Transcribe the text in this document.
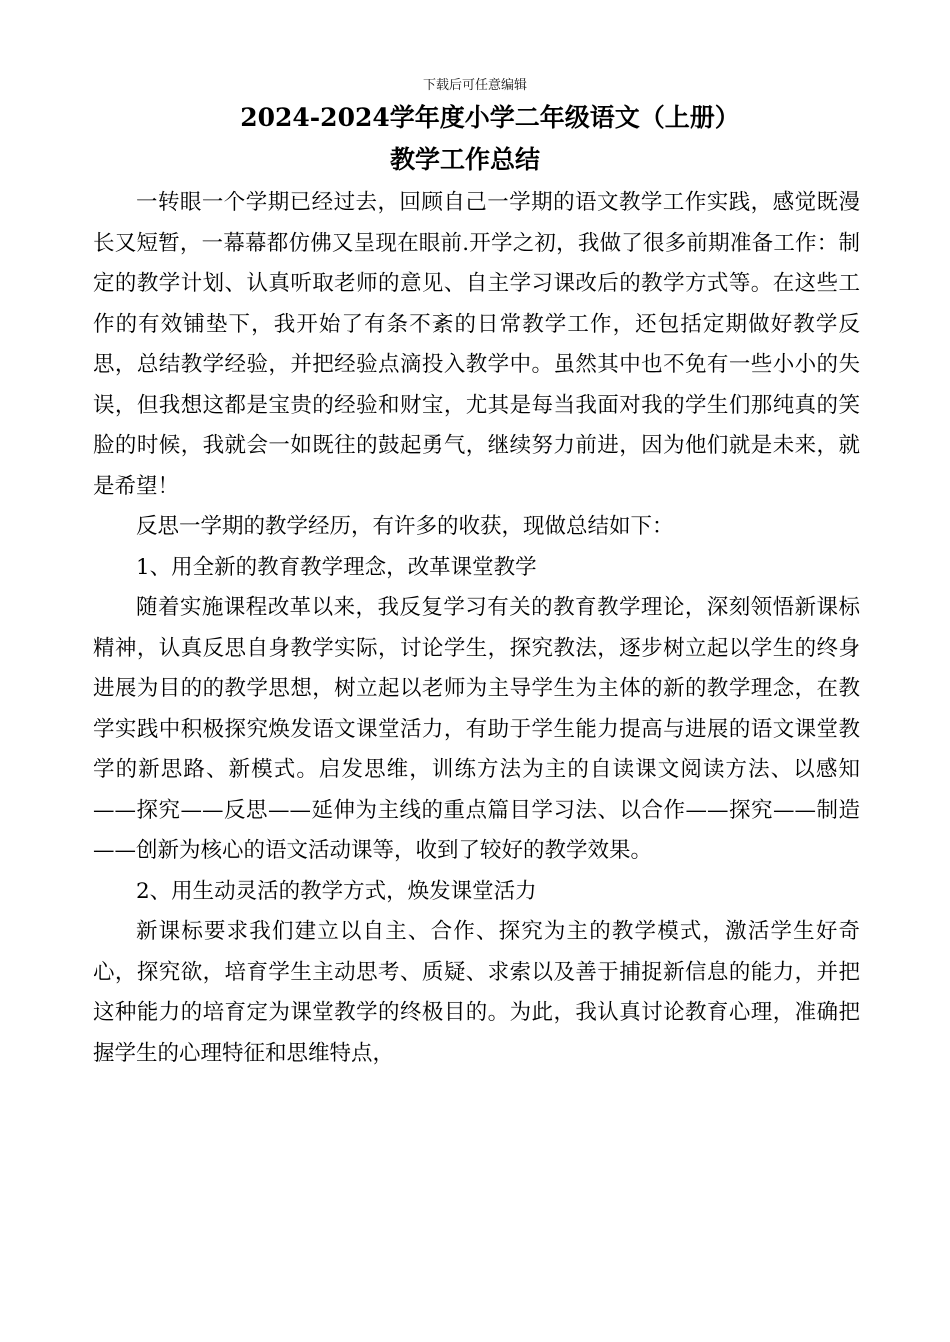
下载后可任意编辑
2024-2024学年度小学二年级语文（上册）
教学工作总结

一转眼一个学期已经过去，回顾自己一学期的语文教学工作实践，感觉既漫长又短暂，一幕幕都仿佛又呈现在眼前.开学之初，我做了很多前期准备工作：制定的教学计划、认真听取老师的意见、自主学习课改后的教学方式等。在这些工作的有效铺垫下，我开始了有条不紊的日常教学工作，还包括定期做好教学反思，总结教学经验，并把经验点滴投入教学中。虽然其中也不免有一些小小的失误，但我想这都是宝贵的经验和财宝，尤其是每当我面对我的学生们那纯真的笑脸的时候，我就会一如既往的鼓起勇气，继续努力前进，因为他们就是未来，就是希望！

反思一学期的教学经历，有许多的收获，现做总结如下：

1、用全新的教育教学理念，改革课堂教学

随着实施课程改革以来，我反复学习有关的教育教学理论，深刻领悟新课标精神，认真反思自身教学实际，讨论学生，探究教法，逐步树立起以学生的终身进展为目的的教学思想，树立起以老师为主导学生为主体的新的教学理念，在教学实践中积极探究焕发语文课堂活力，有助于学生能力提高与进展的语文课堂教学的新思路、新模式。启发思维，训练方法为主的自读课文阅读方法、以感知——探究——反思——延伸为主线的重点篇目学习法、以合作——探究——制造——创新为核心的语文活动课等，收到了较好的教学效果。

2、用生动灵活的教学方式，焕发课堂活力

新课标要求我们建立以自主、合作、探究为主的教学模式，激活学生好奇心，探究欲，培育学生主动思考、质疑、求索以及善于捕捉新信息的能力，并把这种能力的培育定为课堂教学的终极目的。为此，我认真讨论教育心理，准确把握学生的心理特征和思维特点，
